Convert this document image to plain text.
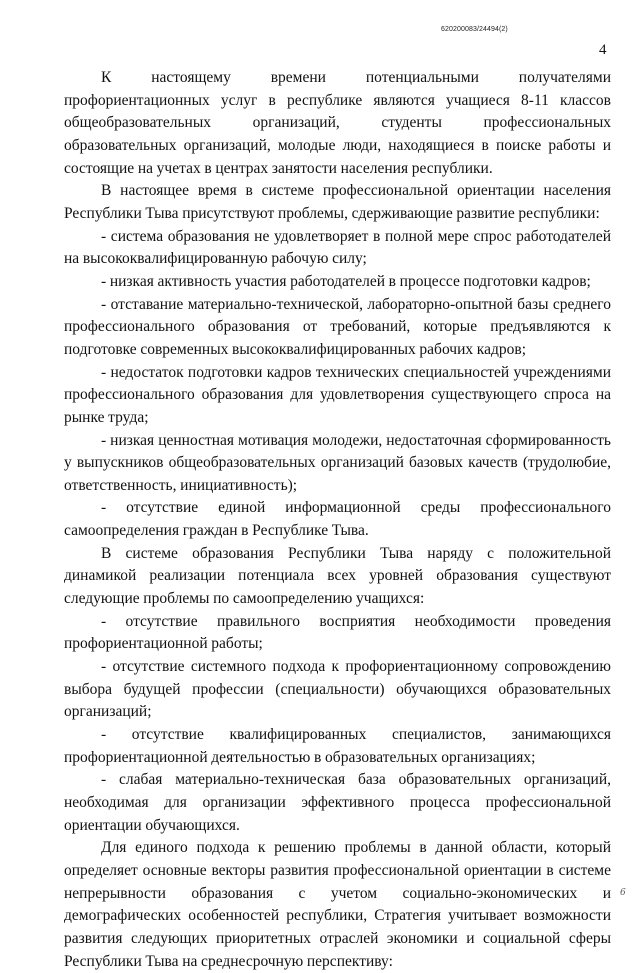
620200083/24494(2)
4

К настоящему времени потенциальными получателями профориентационных услуг в республике являются учащиеся 8-11 классов общеобразовательных организаций, студенты профессиональных образовательных организаций, молодые люди, находящиеся в поиске работы и состоящие на учетах в центрах занятости населения республики.

В настоящее время в системе профессиональной ориентации населения Республики Тыва присутствуют проблемы, сдерживающие развитие республики:

- система образования не удовлетворяет в полной мере спрос работодателей на высококвалифицированную рабочую силу;

- низкая активность участия работодателей в процессе подготовки кадров;

- отставание материально-технической, лабораторно-опытной базы среднего профессионального образования от требований, которые предъявляются к подготовке современных высококвалифицированных рабочих кадров;

- недостаток подготовки кадров технических специальностей учреждениями профессионального образования для удовлетворения существующего спроса на рынке труда;

- низкая ценностная мотивация молодежи, недостаточная сформированность у выпускников общеобразовательных организаций базовых качеств (трудолюбие, ответственность, инициативность);

- отсутствие единой информационной среды профессионального самоопределения граждан в Республике Тыва.

В системе образования Республики Тыва наряду с положительной динамикой реализации потенциала всех уровней образования существуют следующие проблемы по самоопределению учащихся:

- отсутствие правильного восприятия необходимости проведения профориентационной работы;

- отсутствие системного подхода к профориентационному сопровождению выбора будущей профессии (специальности) обучающихся образовательных организаций;

- отсутствие квалифицированных специалистов, занимающихся профориентационной деятельностью в образовательных организациях;

- слабая материально-техническая база образовательных организаций, необходимая для организации эффективного процесса профессиональной ориентации обучающихся.

Для единого подхода к решению проблемы в данной области, который определяет основные векторы развития профессиональной ориентации в системе непрерывности образования с учетом социально-экономических и демографических особенностей республики, Стратегия учитывает возможности развития следующих приоритетных отраслей экономики и социальной сферы Республики Тыва на среднесрочную перспективу:

6
